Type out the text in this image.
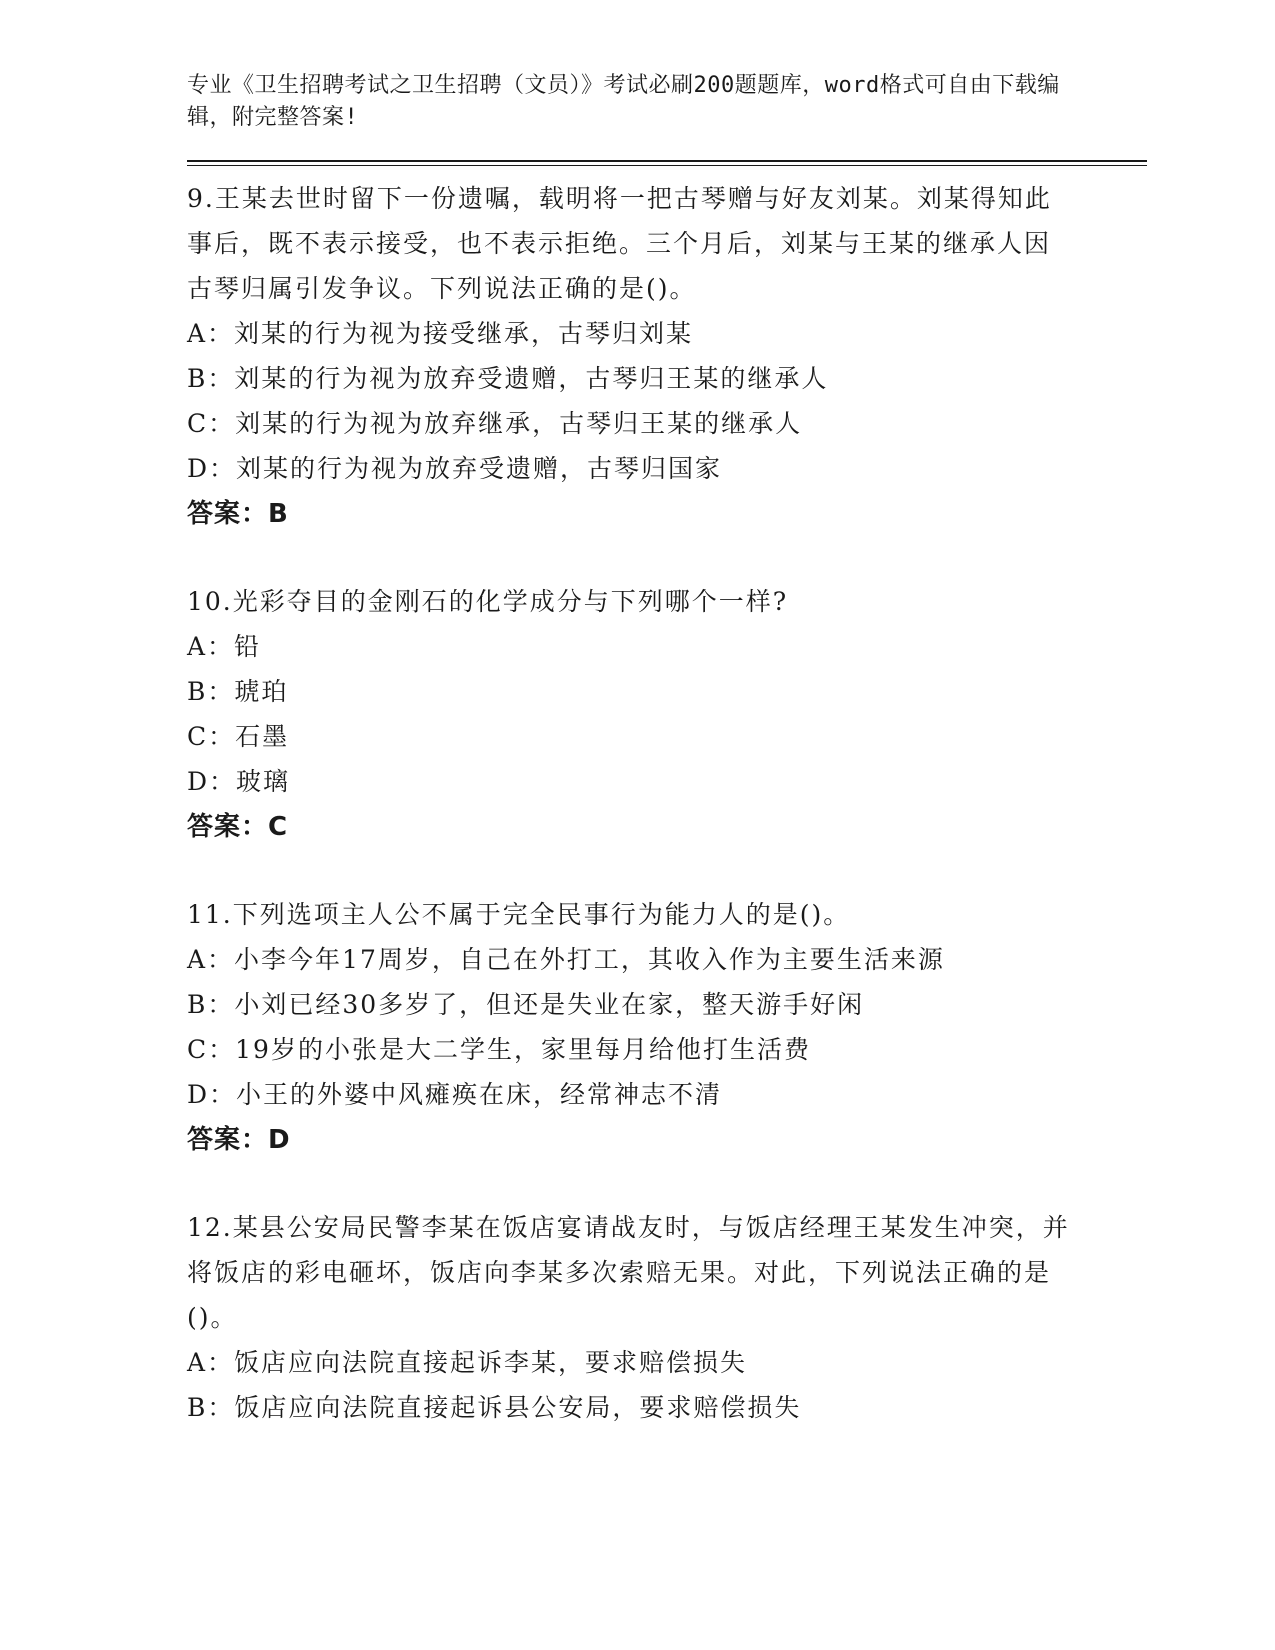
专业《卫生招聘考试之卫生招聘（文员）》考试必刷200题题库，word格式可自由下载编辑，附完整答案!
9.王某去世时留下一份遗嘱，载明将一把古琴赠与好友刘某。刘某得知此事后，既不表示接受，也不表示拒绝。三个月后，刘某与王某的继承人因古琴归属引发争议。下列说法正确的是()。
A：刘某的行为视为接受继承，古琴归刘某
B：刘某的行为视为放弃受遗赠，古琴归王某的继承人
C：刘某的行为视为放弃继承，古琴归王某的继承人
D：刘某的行为视为放弃受遗赠，古琴归国家
答案：B
10.光彩夺目的金刚石的化学成分与下列哪个一样?
A：铅
B：琥珀
C：石墨
D：玻璃
答案：C
11.下列选项主人公不属于完全民事行为能力人的是()。
A：小李今年17周岁，自己在外打工，其收入作为主要生活来源
B：小刘已经30多岁了，但还是失业在家，整天游手好闲
C：19岁的小张是大二学生，家里每月给他打生活费
D：小王的外婆中风瘫痪在床，经常神志不清
答案：D
12.某县公安局民警李某在饭店宴请战友时，与饭店经理王某发生冲突，并将饭店的彩电砸坏，饭店向李某多次索赔无果。对此，下列说法正确的是()。
A：饭店应向法院直接起诉李某，要求赔偿损失
B：饭店应向法院直接起诉县公安局，要求赔偿损失
